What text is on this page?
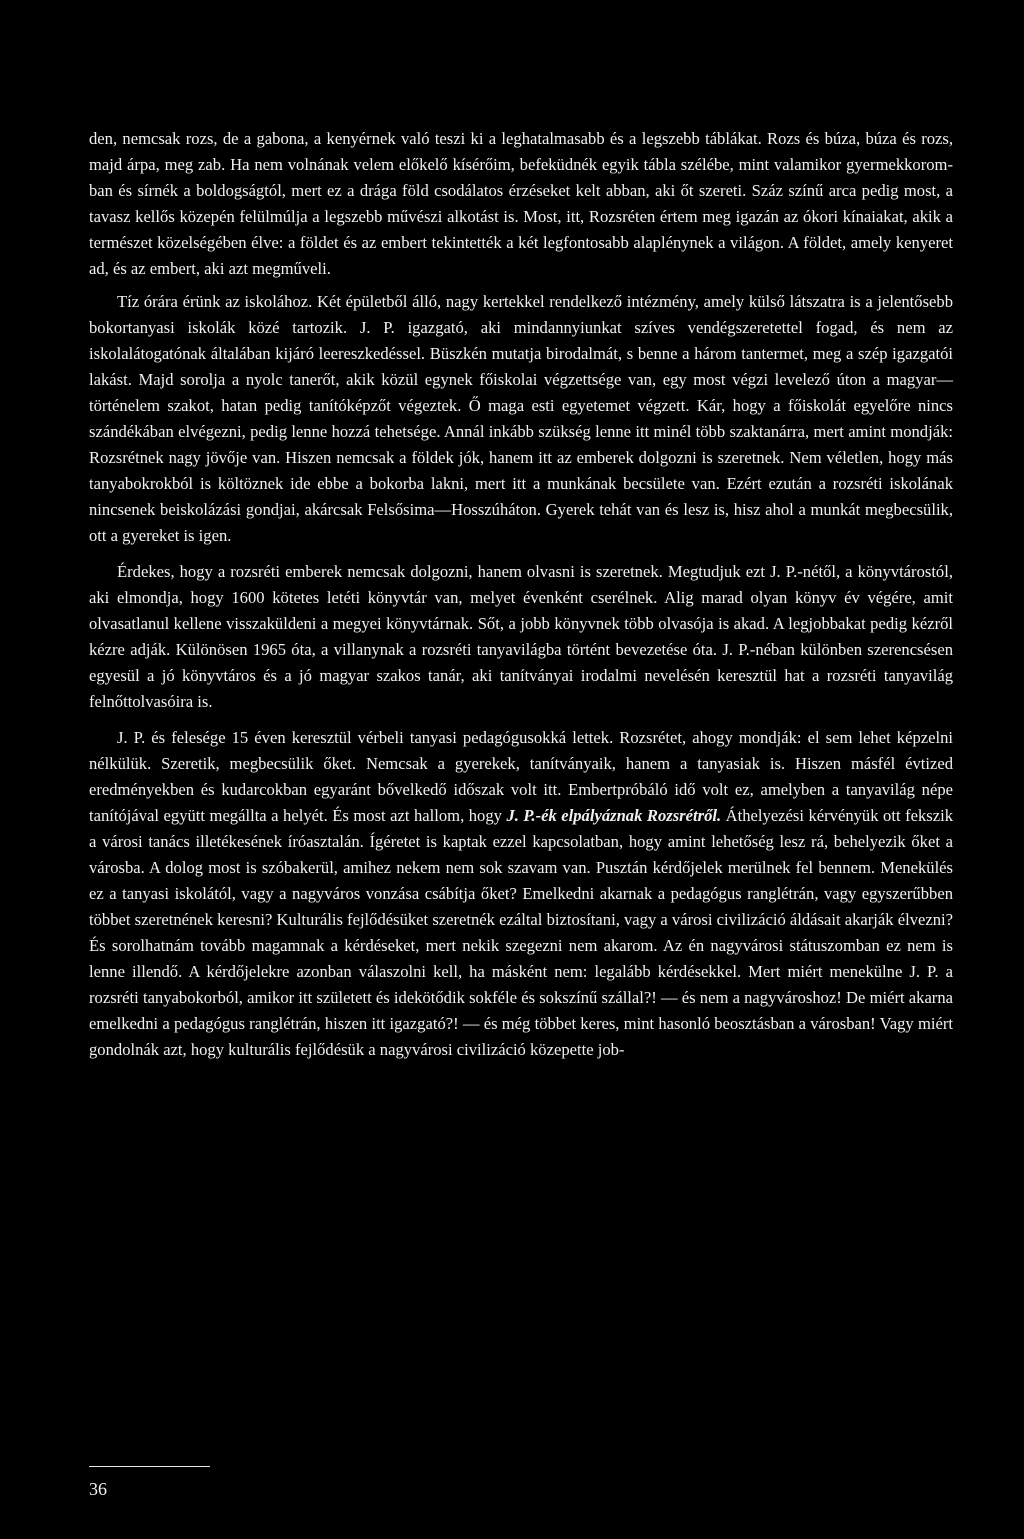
den, nemcsak rozs, de a gabona, a kenyérnek való teszi ki a leghatalmasabb és a legszebb táblákat. Rozs és búza, búza és rozs, majd árpa, meg zab. Ha nem volnának velem előkelő kísérőim, befeküdnék egyik tábla szélébe, mint valamikor gyermekkorom-ban és sírnék a boldogságtól, mert ez a drága föld csodálatos érzéseket kelt abban, aki őt szereti. Száz színű arca pedig most, a tavasz kellős közepén felülmúlja a legszebb művészi alkotást is. Most, itt, Rozsréten értem meg igazán az ókori kínaiakat, akik a természet közelségében élve: a földet és az embert tekintették a két legfontosabb alaplénynek a világon. A földet, amely kenyeret ad, és az embert, aki azt megműveli.

Tíz órára érünk az iskolához. Két épületből álló, nagy kertekkel rendelkező intézmény, amely külső látszatra is a jelentősebb bokortanyasi iskolák közé tartozik. J. P. igazgató, aki mindannyiunkat szíves vendégszeretettel fogad, és nem az iskolalátogatónak általában kijáró leereszkedéssel. Büszkén mutatja birodalmát, s benne a három tantermet, meg a szép igazgatói lakást. Majd sorolja a nyolc tanerőt, akik közül egynek főiskolai végzettsége van, egy most végzi levelező úton a magyar—történelem szakot, hatan pedig tanítóképzőt végeztek. Ő maga esti egyetemet végzett. Kár, hogy a főiskolát egyelőre nincs szándékában elvégezni, pedig lenne hozzá tehetsége. Annál inkább szükség lenne itt minél több szaktanárra, mert amint mondják: Rozsrétnek nagy jövője van. Hiszen nemcsak a földek jók, hanem itt az emberek dolgozni is szeretnek. Nem véletlen, hogy más tanyabokrokból is költöznek ide ebbe a bokorba lakni, mert itt a munkának becsülete van. Ezért ezután a rozsréti iskolának nincsenek beiskolázási gondjai, akárcsak Felsősima—Hosszúháton. Gyerek tehát van és lesz is, hisz ahol a munkát megbecsülik, ott a gyereket is igen.

Érdekes, hogy a rozsréti emberek nemcsak dolgozni, hanem olvasni is szeretnek. Megtudjuk ezt J. P.-nétől, a könyvtárostól, aki elmondja, hogy 1600 kötetes letéti könyvtár van, melyet évenként cserélnek. Alig marad olyan könyv év végére, amit olvasatlanul kellene visszaküldeni a megyei könyvtárnak. Sőt, a jobb könyvnek több olvasója is akad. A legjobbakat pedig kézről kézre adják. Különösen 1965 óta, a villanynak a rozsréti tanyavilágba történt bevezetése óta. J. P.-néban különben szerencsésen egyesül a jó könyvtáros és a jó magyar szakos tanár, aki tanítványai irodalmi nevelésén keresztül hat a rozsréti tanyavilág felnőttolvasóira is.

J. P. és felesége 15 éven keresztül vérbeli tanyasi pedagógusokká lettek. Rozsrétet, ahogy mondják: el sem lehet képzelni nélkülük. Szeretik, megbecsülik őket. Nemcsak a gyerekek, tanítványaik, hanem a tanyasiak is. Hiszen másfél évtized eredményekben és kudarcokban egyaránt bővelkedő időszak volt itt. Embertpróbáló idő volt ez, amelyben a tanyavilág népe tanítójával együtt megállta a helyét. És most azt hallom, hogy J. P.-ék elpályáznak Rozsrétről. Áthelyezési kérvényük ott fekszik a városi tanács illetékesének íróasztalán. Ígéretet is kaptak ezzel kapcsolatban, hogy amint lehetőség lesz rá, behelyezik őket a városba. A dolog most is szóbakerül, amihez nekem nem sok szavam van. Pusztán kérdőjelek merülnek fel bennem. Menekülés ez a tanyasi iskolától, vagy a nagyváros vonzása csábítja őket? Emelkedni akarnak a pedagógus ranglétrán, vagy egyszerűbben többet szeretnének keresni? Kulturális fejlődésüket szeretnék ezáltal biztosítani, vagy a városi civilizáció áldásait akarják élvezni? És sorolhatnám tovább magamnak a kérdéseket, mert nekik szegezni nem akarom. Az én nagyvárosi státuszomban ez nem is lenne illendő. A kérdőjelekre azonban válaszolni kell, ha másként nem: legalább kérdésekkel. Mert miért menekülne J. P. a rozsréti tanyabokorból, amikor itt született és idekötődik sokféle és sokszínű szállal?! — és nem a nagyvároshoz! De miért akarna emelkedni a pedagógus ranglétrán, hiszen itt igazgató?! — és még többet keres, mint hasonló beosztásban a városban! Vagy miért gondolnák azt, hogy kulturális fejlődésük a nagyvárosi civilizáció közepette job-

36
